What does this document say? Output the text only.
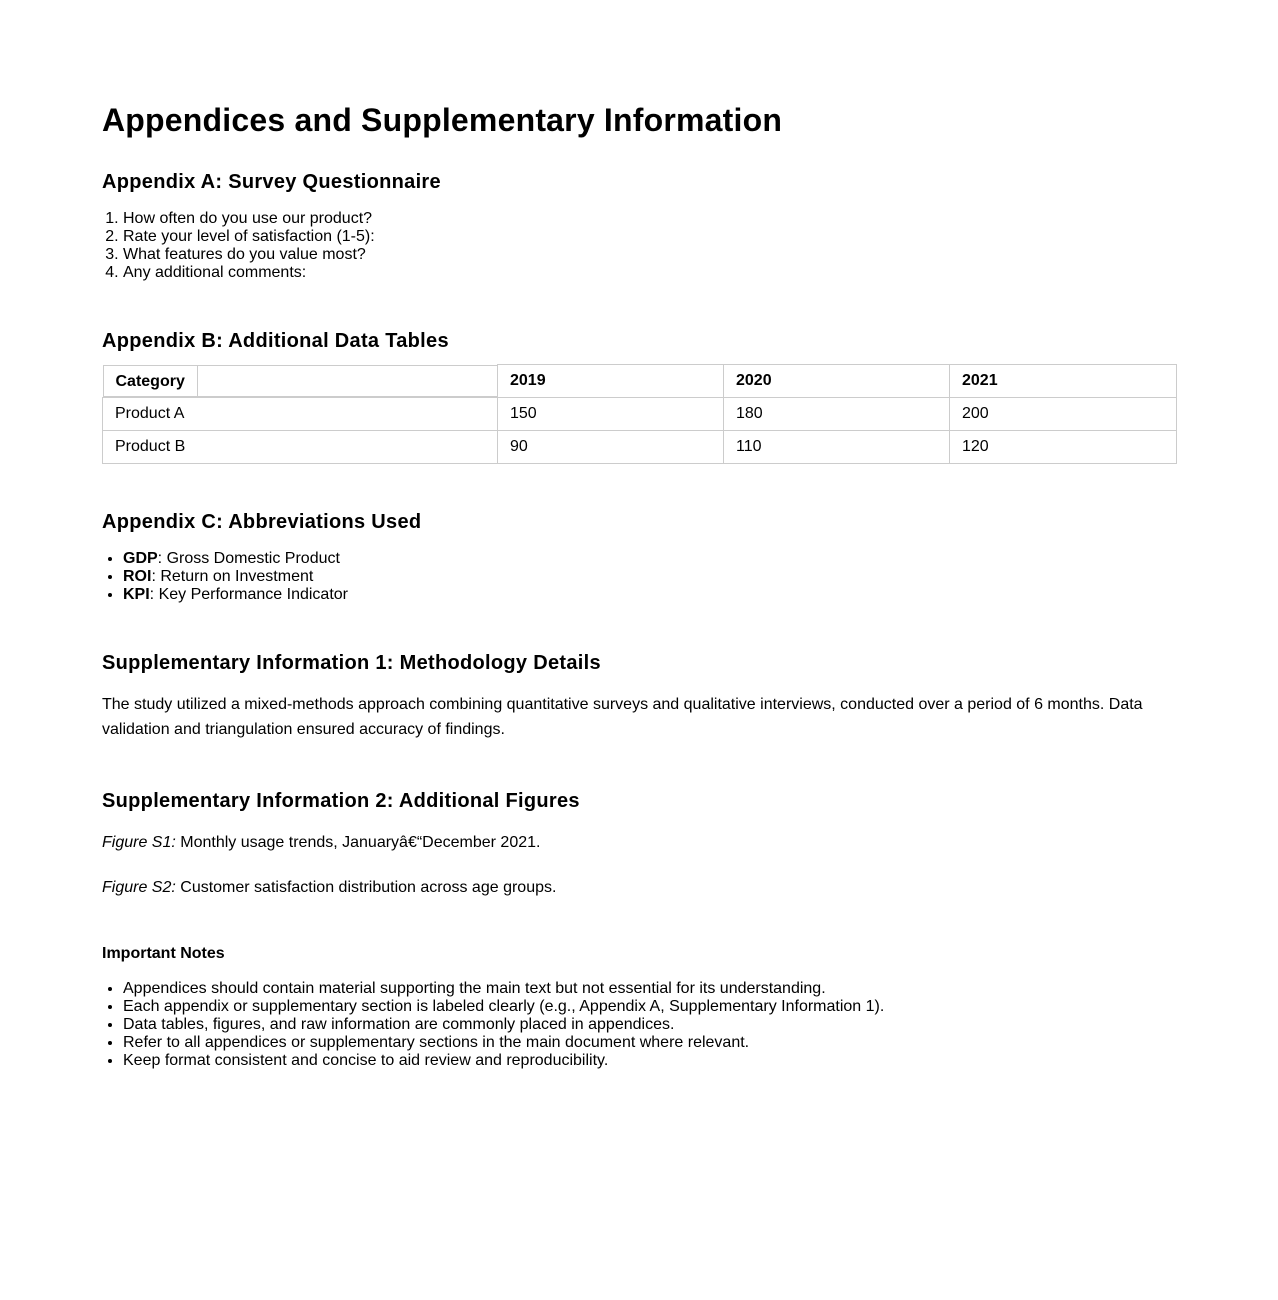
Appendices and Supplementary Information
Appendix A: Survey Questionnaire
1. How often do you use our product?
2. Rate your level of satisfaction (1-5):
3. What features do you value most?
4. Any additional comments:
Appendix B: Additional Data Tables
Category	2019	2020	2021
Product A	150	180	200
Product B	90	110	120
Appendix C: Abbreviations Used
• GDP: Gross Domestic Product
• ROI: Return on Investment
• KPI: Key Performance Indicator
Supplementary Information 1: Methodology Details

The study utilized a mixed-methods approach combining quantitative surveys and qualitative interviews, conducted over a period of 6 months. Data validation and triangulation ensured accuracy of findings.

Supplementary Information 2: Additional Figures

Figure S1: Monthly usage trends, Januaryâ€“December 2021.

Figure S2: Customer satisfaction distribution across age groups.

Important Notes
• Appendices should contain material supporting the main text but not essential for its understanding.
• Each appendix or supplementary section is labeled clearly (e.g., Appendix A, Supplementary Information 1).
• Data tables, figures, and raw information are commonly placed in appendices.
• Refer to all appendices or supplementary sections in the main document where relevant.
• Keep format consistent and concise to aid review and reproducibility.
